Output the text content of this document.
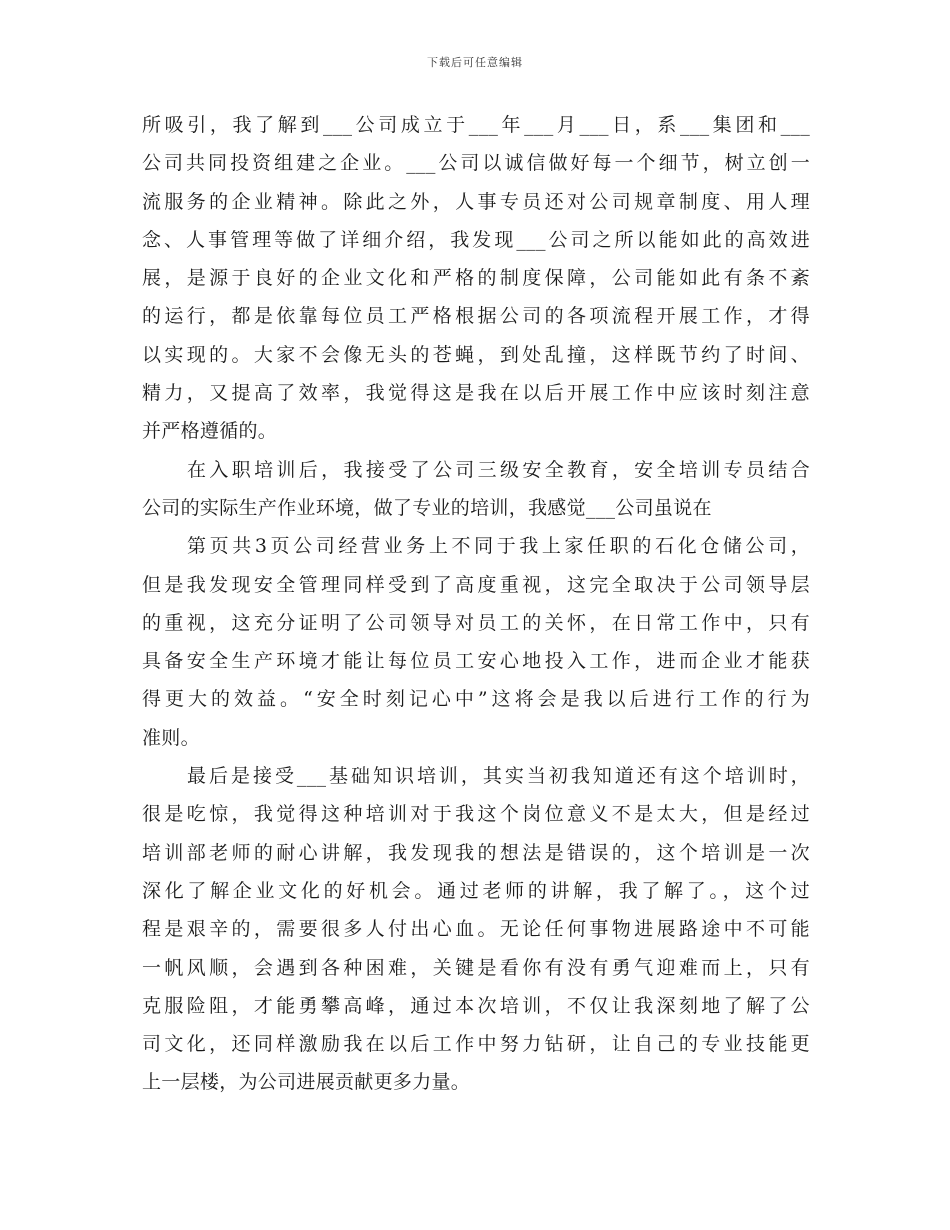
下载后可任意编辑
所吸引，我了解到___公司成立于___年___月___日，系___集团和___
公司共同投资组建之企业。___公司以诚信做好每一个细节，树立创一
流服务的企业精神。除此之外，人事专员还对公司规章制度、用人理
念、人事管理等做了详细介绍，我发现___公司之所以能如此的高效进
展，是源于良好的企业文化和严格的制度保障，公司能如此有条不紊
的运行，都是依靠每位员工严格根据公司的各项流程开展工作，才得
以实现的。大家不会像无头的苍蝇，到处乱撞，这样既节约了时间、
精力，又提高了效率，我觉得这是我在以后开展工作中应该时刻注意
并严格遵循的。
在入职培训后，我接受了公司三级安全教育，安全培训专员结合
公司的实际生产作业环境，做了专业的培训，我感觉___公司虽说在
第页共3页公司经营业务上不同于我上家任职的石化仓储公司，
但是我发现安全管理同样受到了高度重视，这完全取决于公司领导层
的重视，这充分证明了公司领导对员工的关怀，在日常工作中，只有
具备安全生产环境才能让每位员工安心地投入工作，进而企业才能获
得更大的效益。“安全时刻记心中”这将会是我以后进行工作的行为
准则。
最后是接受___基础知识培训，其实当初我知道还有这个培训时，
很是吃惊，我觉得这种培训对于我这个岗位意义不是太大，但是经过
培训部老师的耐心讲解，我发现我的想法是错误的，这个培训是一次
深化了解企业文化的好机会。通过老师的讲解，我了解了。，这个过
程是艰辛的，需要很多人付出心血。无论任何事物进展路途中不可能
一帆风顺，会遇到各种困难，关键是看你有没有勇气迎难而上，只有
克服险阻，才能勇攀高峰，通过本次培训，不仅让我深刻地了解了公
司文化，还同样激励我在以后工作中努力钻研，让自己的专业技能更
上一层楼，为公司进展贡献更多力量。
